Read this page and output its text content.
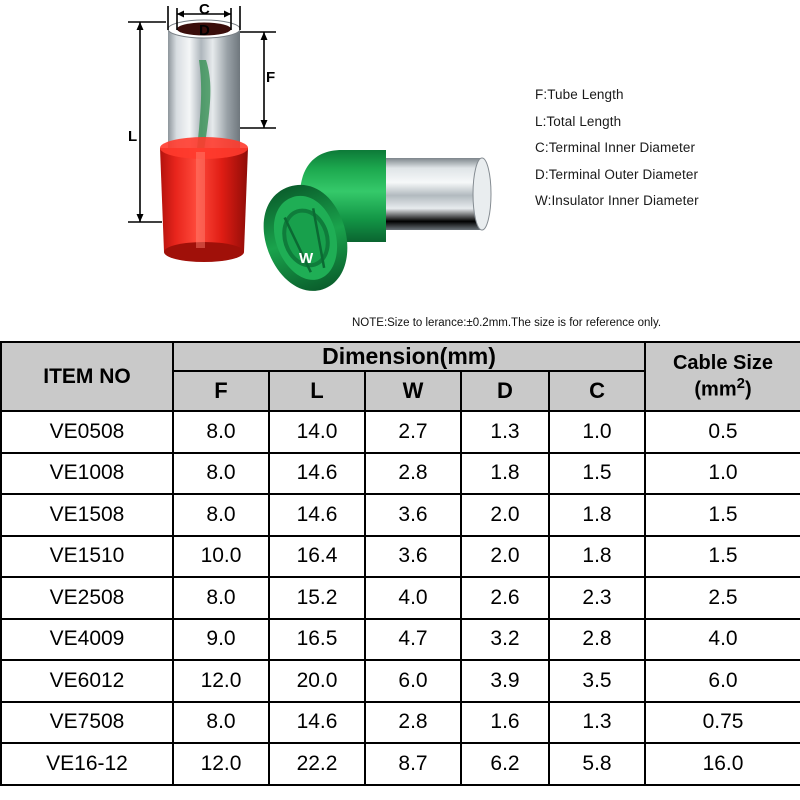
C
D
F
L
W
F:Tube Length
L:Total Length
C:Terminal Inner Diameter
D:Terminal Outer Diameter
W:Insulator Inner Diameter
NOTE:Size to lerance:±0.2mm.The size is for reference only.
ITEM NO	Dimension(mm)					Cable Size
$(mm^2)$
	F	L	W	D	C	
VE0508	8.0	14.0	2.7	1.3	1.0	0.5
VE1008	8.0	14.6	2.8	1.8	1.5	1.0
VE1508	8.0	14.6	3.6	2.0	1.8	1.5
VE1510	10.0	16.4	3.6	2.0	1.8	1.5
VE2508	8.0	15.2	4.0	2.6	2.3	2.5
VE4009	9.0	16.5	4.7	3.2	2.8	4.0
VE6012	12.0	20.0	6.0	3.9	3.5	6.0
VE7508	8.0	14.6	2.8	1.6	1.3	0.75
VE16-12	12.0	22.2	8.7	6.2	5.8	16.0
